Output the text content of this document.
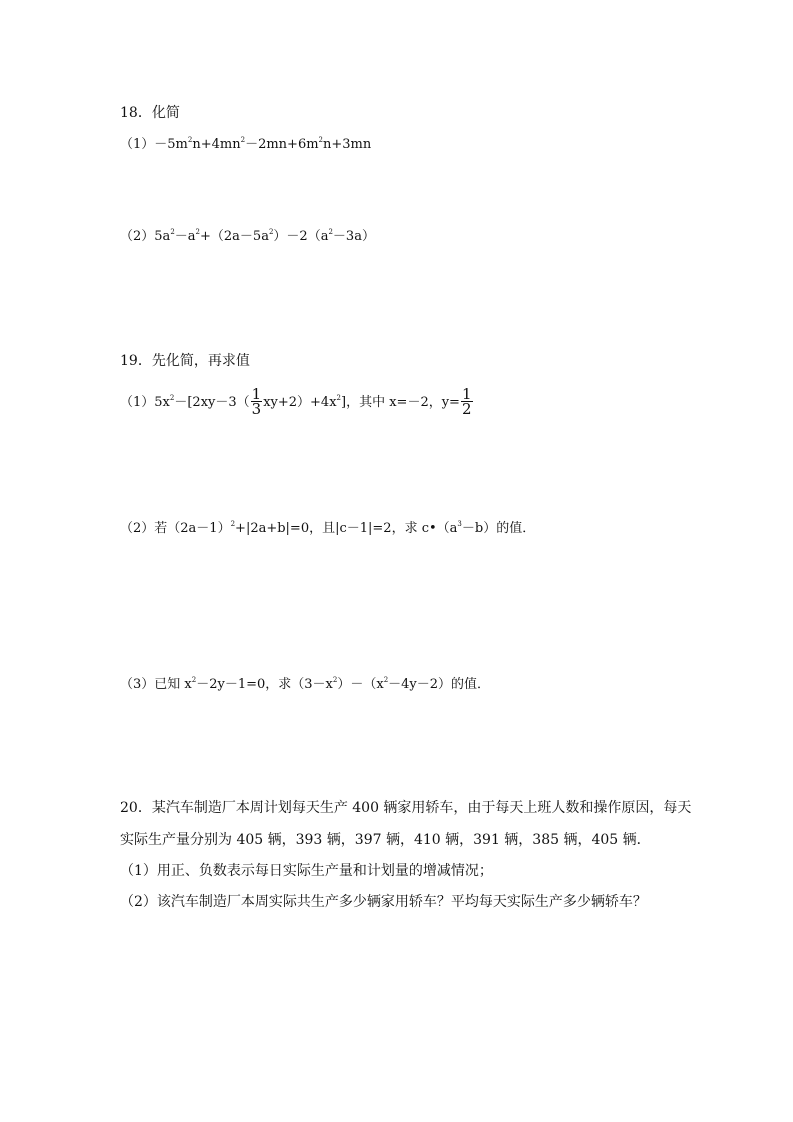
18．化简
$(1)-5m^2n+4mn^2-2mn+6m^2n+3mn$
$(2)5a^2-a^2+(2a-5a^2)-2(a^2-3a)$
19．先化简，再求值
$(1)5x^2-[2xy-3( \frac{1}{3} xy+2)+4x^2]$，其中 x=－2，$y= \frac{1}{2}$
（2）若$(2a-1)^2+|2a+b|=0$，且|c－1|=2，求 $c•(a^3-b)$的值．
（3）已知 $x^2-2y-1=0$，求$(3-x^2)-(x^2-4y-2)$的值．
20．某汽车制造厂本周计划每天生产 400 辆家用轿车，由于每天上班人数和操作原因，每天
实际生产量分别为 405 辆，393 辆，397 辆，410 辆，391 辆，385 辆，405 辆．
（1）用正、负数表示每日实际生产量和计划量的增减情况；
（2）该汽车制造厂本周实际共生产多少辆家用轿车？平均每天实际生产多少辆轿车？
